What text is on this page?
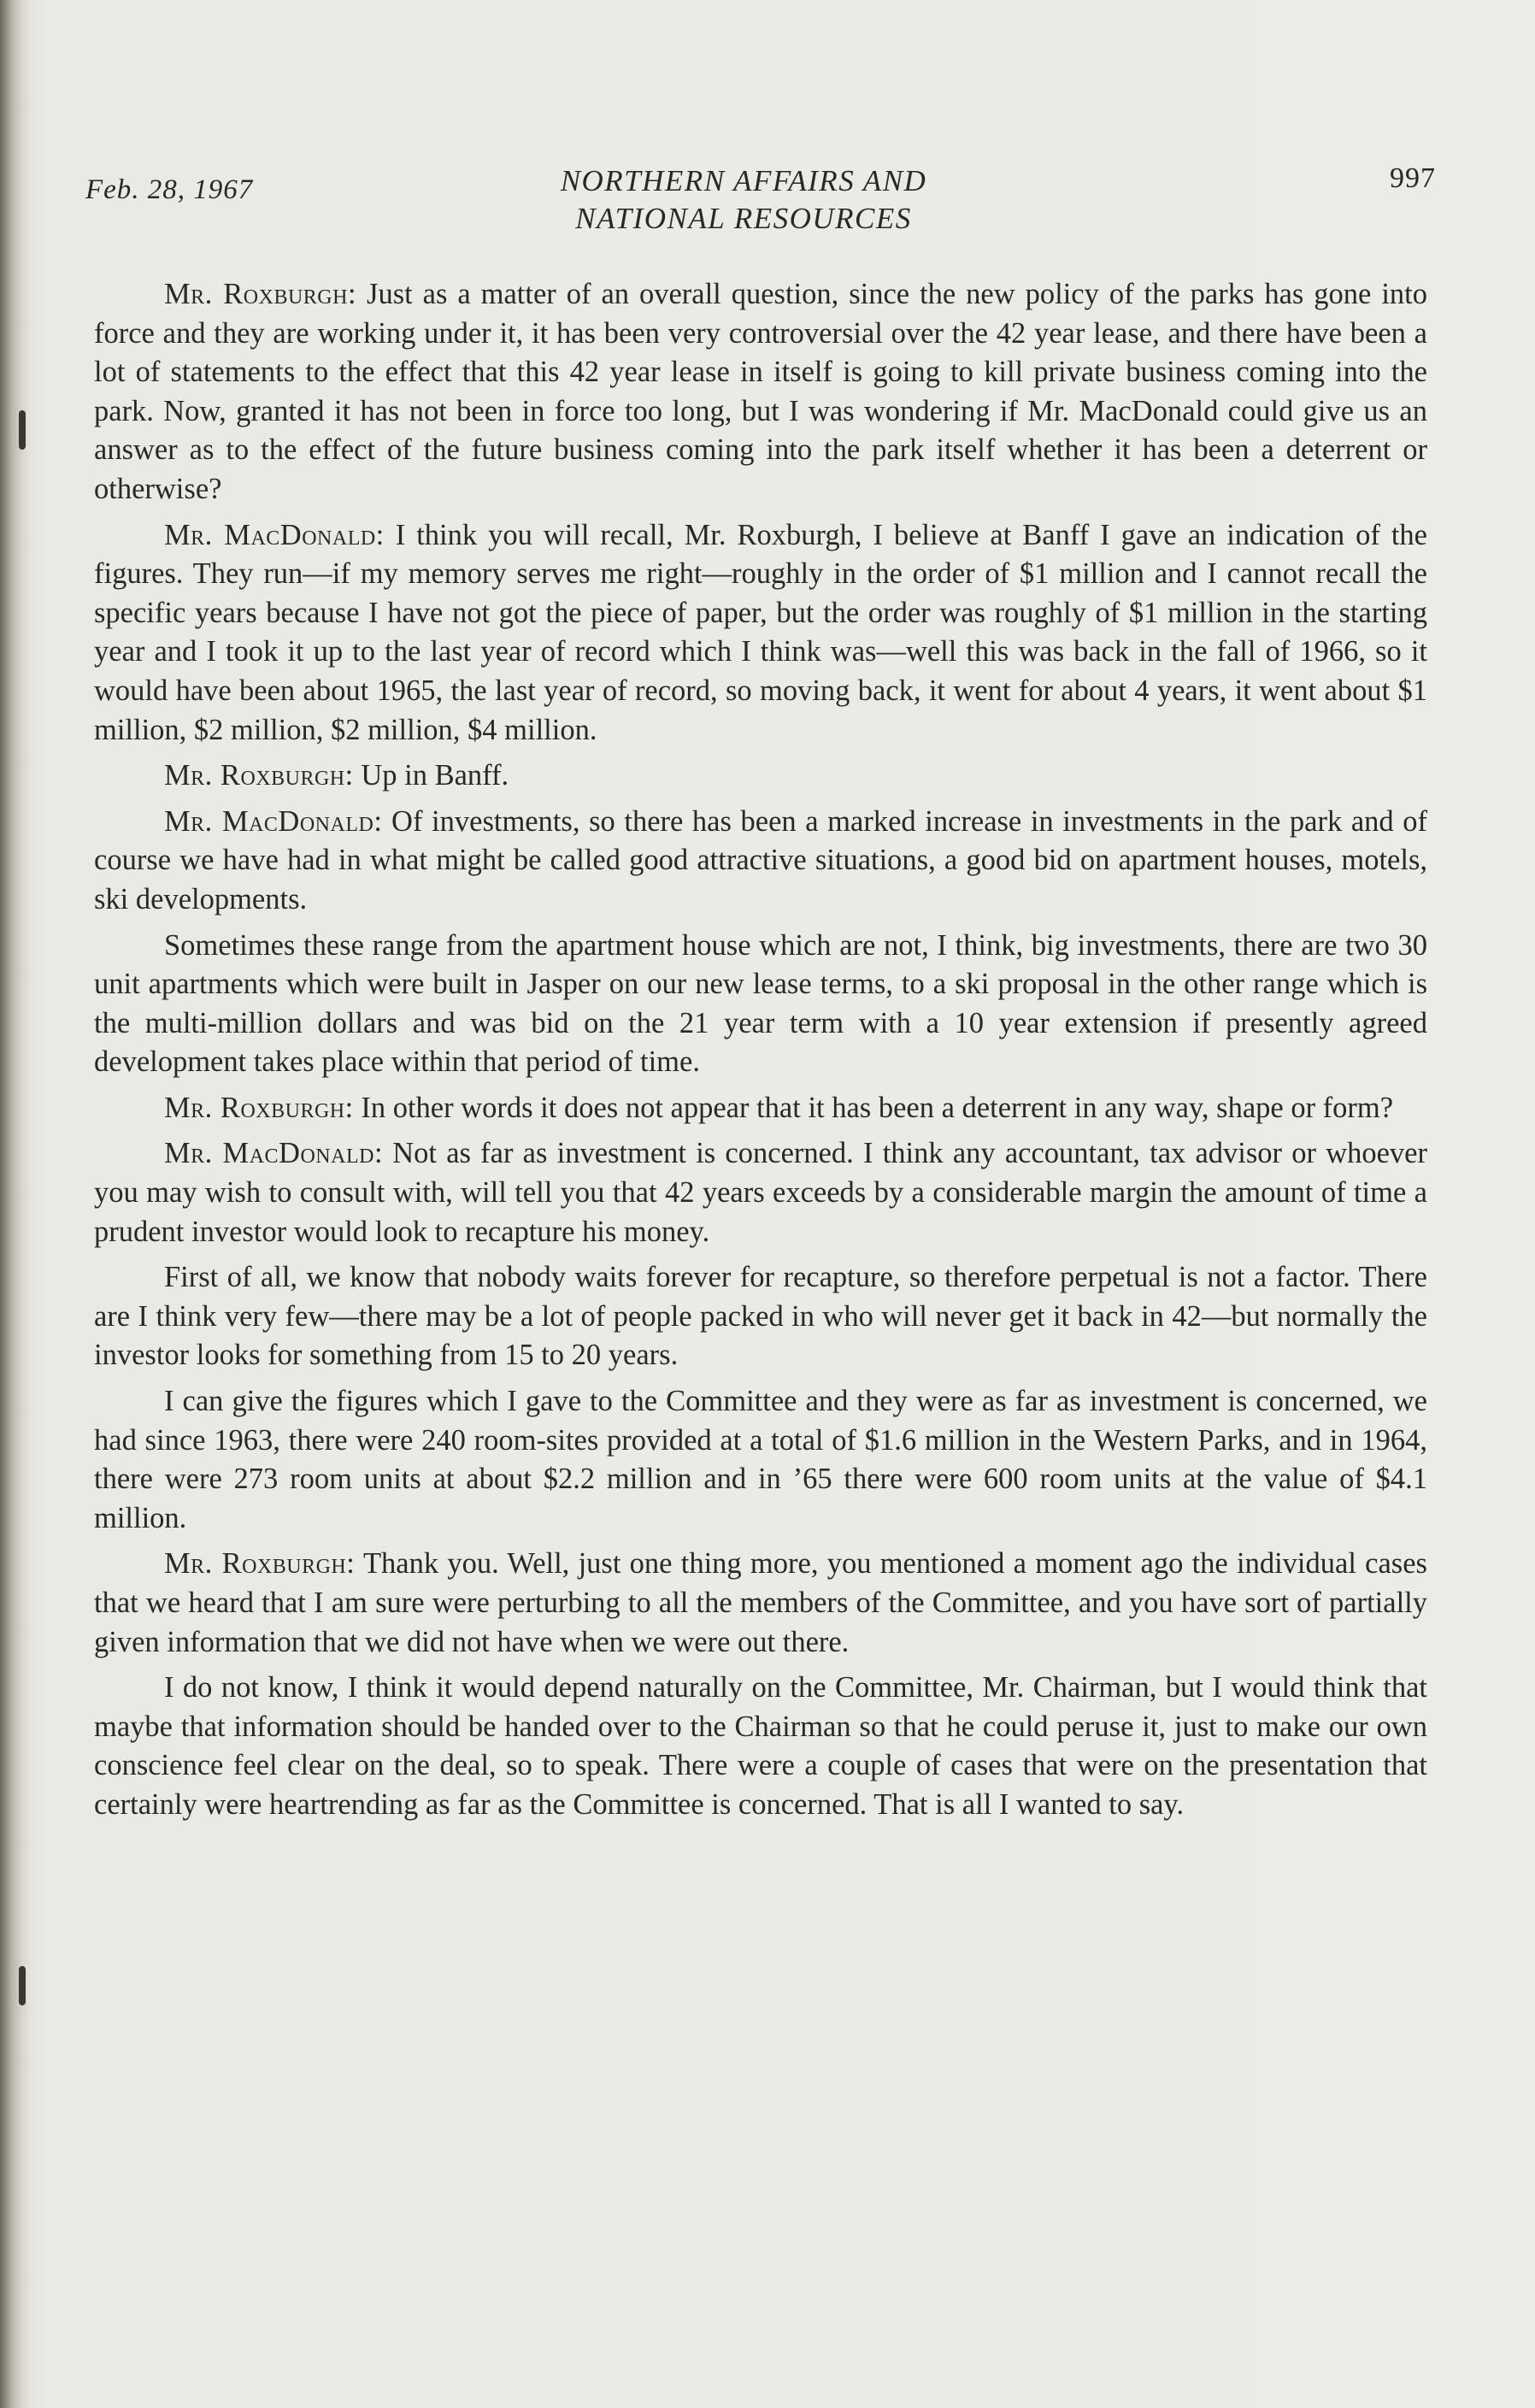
Feb. 28, 1967	NORTHERN AFFAIRS AND
NATIONAL RESOURCES
997

Mr. Roxburgh: Just as a matter of an overall question, since the new policy of the parks has gone into force and they are working under it, it has been very controversial over the 42 year lease, and there have been a lot of statements to the effect that this 42 year lease in itself is going to kill private business coming into the park. Now, granted it has not been in force too long, but I was wondering if Mr. MacDonald could give us an answer as to the effect of the future business coming into the park itself whether it has been a deterrent or otherwise?

Mr. MacDonald: I think you will recall, Mr. Roxburgh, I believe at Banff I gave an indication of the figures. They run—if my memory serves me right—roughly in the order of $1 million and I cannot recall the specific years because I have not got the piece of paper, but the order was roughly of $1 million in the starting year and I took it up to the last year of record which I think was—well this was back in the fall of 1966, so it would have been about 1965, the last year of record, so moving back, it went for about 4 years, it went about $1 million, $2 million, $2 million, $4 million.

Mr. Roxburgh: Up in Banff.

Mr. MacDonald: Of investments, so there has been a marked increase in investments in the park and of course we have had in what might be called good attractive situations, a good bid on apartment houses, motels, ski developments.

Sometimes these range from the apartment house which are not, I think, big investments, there are two 30 unit apartments which were built in Jasper on our new lease terms, to a ski proposal in the other range which is the multi-million dollars and was bid on the 21 year term with a 10 year extension if presently agreed development takes place within that period of time.

Mr. Roxburgh: In other words it does not appear that it has been a deterrent in any way, shape or form?

Mr. MacDonald: Not as far as investment is concerned. I think any accountant, tax advisor or whoever you may wish to consult with, will tell you that 42 years exceeds by a considerable margin the amount of time a prudent investor would look to recapture his money.

First of all, we know that nobody waits forever for recapture, so therefore perpetual is not a factor. There are I think very few—there may be a lot of people packed in who will never get it back in 42—but normally the investor looks for something from 15 to 20 years.

I can give the figures which I gave to the Committee and they were as far as investment is concerned, we had since 1963, there were 240 room-sites provided at a total of $1.6 million in the Western Parks, and in 1964, there were 273 room units at about $2.2 million and in ’65 there were 600 room units at the value of $4.1 million.

Mr. Roxburgh: Thank you. Well, just one thing more, you mentioned a moment ago the individual cases that we heard that I am sure were perturbing to all the members of the Committee, and you have sort of partially given information that we did not have when we were out there.

I do not know, I think it would depend naturally on the Committee, Mr. Chairman, but I would think that maybe that information should be handed over to the Chairman so that he could peruse it, just to make our own conscience feel clear on the deal, so to speak. There were a couple of cases that were on the presentation that certainly were heartrending as far as the Committee is concerned. That is all I wanted to say.
